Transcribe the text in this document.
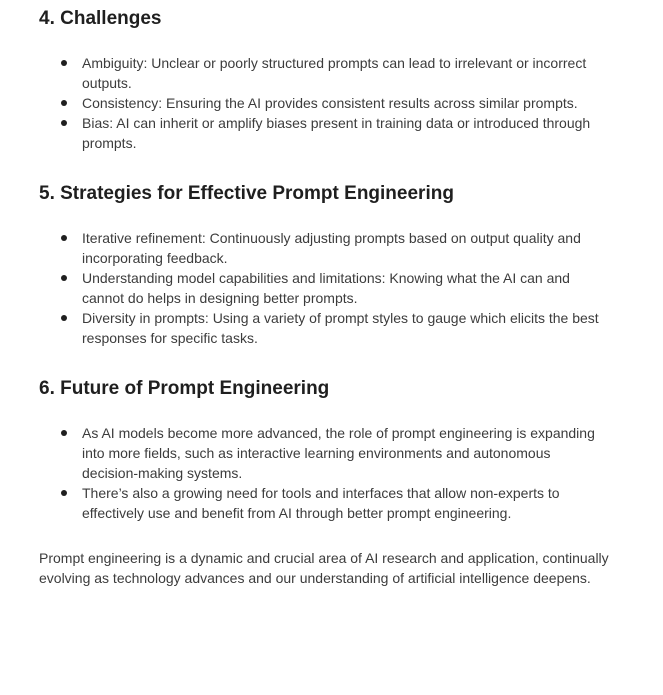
4. Challenges
Ambiguity: Unclear or poorly structured prompts can lead to irrelevant or incorrect outputs.
Consistency: Ensuring the AI provides consistent results across similar prompts.
Bias: AI can inherit or amplify biases present in training data or introduced through prompts.
5. Strategies for Effective Prompt Engineering
Iterative refinement: Continuously adjusting prompts based on output quality and incorporating feedback.
Understanding model capabilities and limitations: Knowing what the AI can and cannot do helps in designing better prompts.
Diversity in prompts: Using a variety of prompt styles to gauge which elicits the best responses for specific tasks.
6. Future of Prompt Engineering
As AI models become more advanced, the role of prompt engineering is expanding into more fields, such as interactive learning environments and autonomous decision-making systems.
There’s also a growing need for tools and interfaces that allow non-experts to effectively use and benefit from AI through better prompt engineering.

Prompt engineering is a dynamic and crucial area of AI research and application, continually evolving as technology advances and our understanding of artificial intelligence deepens.
